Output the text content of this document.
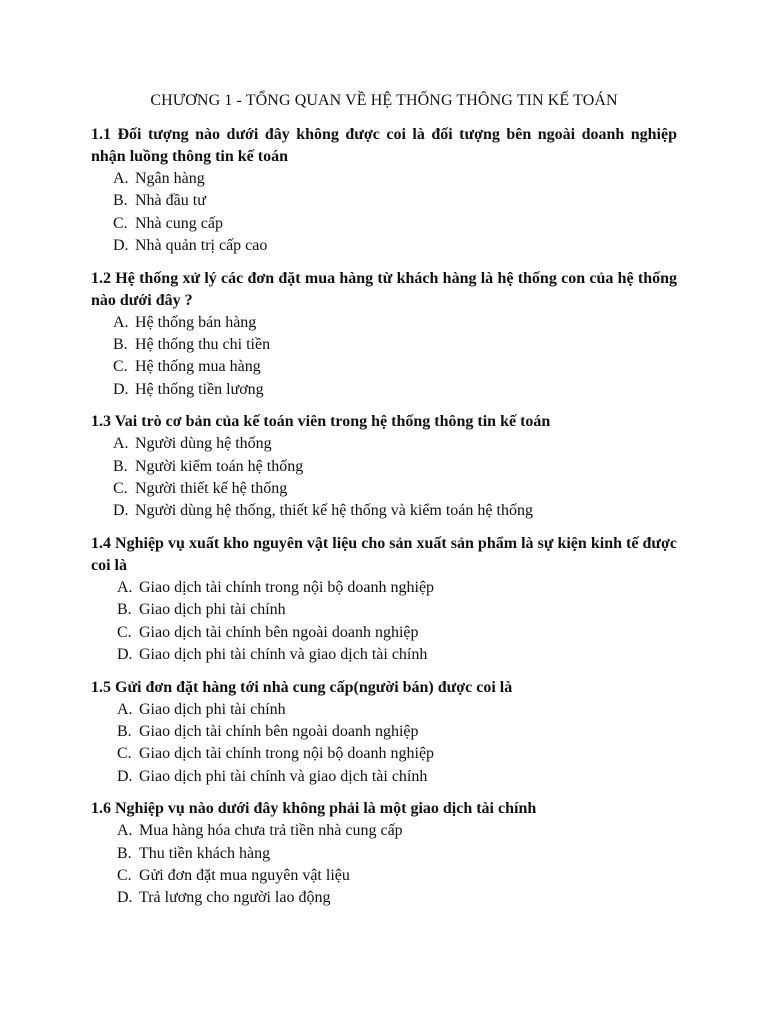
CHƯƠNG 1 - TỔNG QUAN VỀ HỆ THỐNG THÔNG TIN KẾ TOÁN

1.1 Đối tượng nào dưới đây không được coi là đối tượng bên ngoài doanh nghiệp nhận luồng thông tin kế toán

A. Ngân hàng
B. Nhà đầu tư
C. Nhà cung cấp
D. Nhà quản trị cấp cao

1.2 Hệ thống xử lý các đơn đặt mua hàng từ khách hàng là hệ thống con của hệ thống nào dưới đây ?

A. Hệ thống bán hàng
B. Hệ thống thu chi tiền
C. Hệ thống mua hàng
D. Hệ thống tiền lương

1.3 Vai trò cơ bản của kế toán viên trong hệ thống thông tin kế toán

A. Người dùng hệ thống
B. Người kiểm toán hệ thống
C. Người thiết kế hệ thống
D. Người dùng hệ thống, thiết kế hệ thống và kiểm toán hệ thống

1.4 Nghiệp vụ xuất kho nguyên vật liệu cho sản xuất sản phẩm là sự kiện kinh tế được coi là

A. Giao dịch tài chính trong nội bộ doanh nghiệp
B. Giao dịch phi tài chính
C. Giao dịch tài chính bên ngoài doanh nghiệp
D. Giao dịch phi tài chính và giao dịch tài chính

1.5 Gửi đơn đặt hàng tới nhà cung cấp(người bán) được coi là

A. Giao dịch phi tài chính
B. Giao dịch tài chính bên ngoài doanh nghiệp
C. Giao dịch tài chính trong nội bộ doanh nghiệp
D. Giao dịch phi tài chính và giao dịch tài chính

1.6 Nghiệp vụ nào dưới đây không phải là một giao dịch tài chính

A. Mua hàng hóa chưa trả tiền nhà cung cấp
B. Thu tiền khách hàng
C. Gửi đơn đặt mua nguyên vật liệu
D. Trả lương cho người lao động
